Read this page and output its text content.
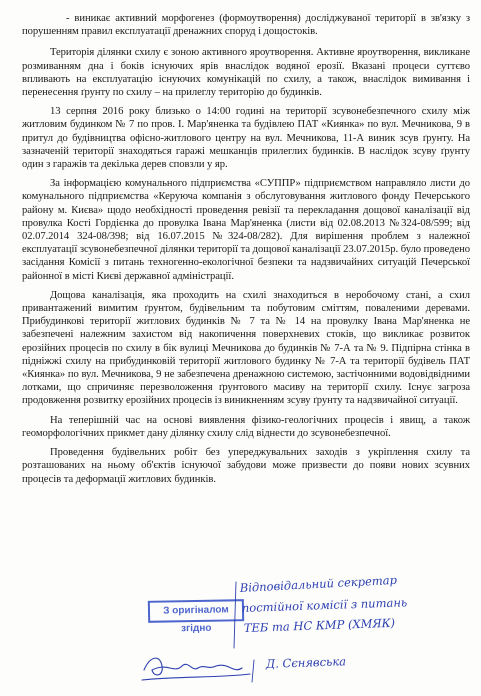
- виникає активний морфогенез (формоутворення) досліджуваної території в зв'язку з порушенням правил експлуатації дренажних споруд і дощостоків.

Територія ділянки схилу є зоною активного яроутворення. Активне яроутворення, викликане розмиванням дна і боків існуючих ярів внаслідок водяної ерозії. Вказані процеси суттєво впливають на експлуатацію існуючих комунікацій по схилу, а також, внаслідок вимивання і перенесення ґрунту по схилу – на прилеглу територію до будинків.

13 серпня 2016 року близько о 14:00 годині на території зсувонебезпечного схилу між житловим будинком № 7 по пров. І. Мар'яненка та будівлею ПАТ «Киянка» по вул. Мечникова, 9 в притул до будівництва офісно-житлового центру на вул. Мечникова, 11-А виник зсув ґрунту. На зазначеній території знаходяться гаражі мешканців прилеглих будинків. В наслідок зсуву ґрунту один з гаражів та декілька дерев сповзли у яр.

За інформацією комунального підприємства «СУППР» підприємством направляло листи до комунального підприємства «Керуюча компанія з обслуговування житлового фонду Печерського району м. Києва» щодо необхідності проведення ревізії та перекладання дощової каналізації від провулка Кості Гордієнка до провулка Івана Мар'яненка (листи від 02.08.2013 №324-08/599; від 02.07.2014 324-08/398; від 16.07.2015 №324-08/282). Для вирішення проблем з належної експлуатації зсувонебезпечної ділянки території та дощової каналізації 23.07.2015р. було проведено засідання Комісії з питань техногенно-екологічної безпеки та надзвичайних ситуацій Печерської районної в місті Києві державної адміністрації.

Дощова каналізація, яка проходить на схилі знаходиться в неробочому стані, а схил привантажений вимитим ґрунтом, будівельним та побутовим сміттям, поваленими деревами. Прибудинкові території житлових будинків № 7 та № 14 на провулку Івана Мар'яненка не забезпечені належним захистом від накопичення поверхневих стоків, що викликає розвиток ерозійних процесів по схилу в бік вулиці Мечникова до будинків № 7-А та № 9. Підпірна стінка в підніжжі схилу на прибудинковій території житлового будинку № 7-А та території будівель ПАТ «Киянка» по вул. Мечникова, 9 не забезпечена дренажною системою, застічонними водовідвідними лотками, що спричиняє перезволоження ґрунтового масиву на території схилу. Існує загроза продовження розвитку ерозійних процесів із виникненням зсуву ґрунту та надзвичайної ситуації.

На теперішній час на основі виявлення фізико-геологічних процесів і явищ, а також геоморфологічних прикмет дану ділянку схилу слід віднести до зсувонебезпечної.

Проведення будівельних робіт без упереджувальних заходів з укріплення схилу та розташованих на ньому об'єктів існуючої забудови може призвести до появи нових зсувних процесів та деформації житлових будинків.

З оригіналом згідно
Відповідальний секретар
постійної комісії з питань
ТЕБ та НС КМР (ХМЯК)
Д. Сєнявська
